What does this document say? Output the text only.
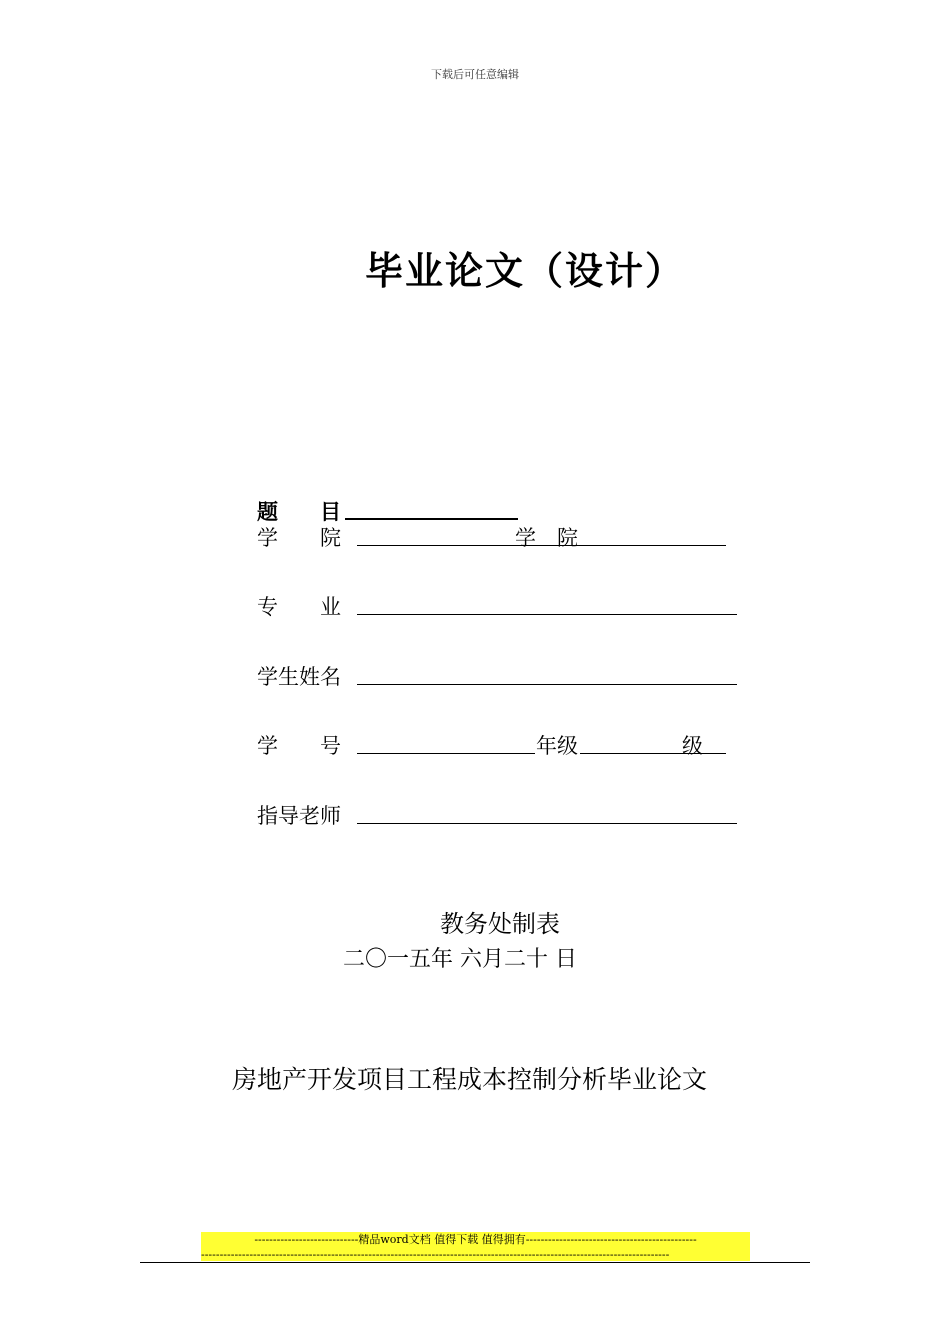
下载后可任意编辑
毕业论文（设计）
题　　目
学　　院	学　院
专　　业
学生姓名
学　　号	年级	级
指导老师
教务处制表
二〇一五年 六月二十 日
房地产开发项目工程成本控制分析毕业论文
----------------------------精品word文档 值得下载 值得拥有----------------------------------------------
------------------------------------------------------------------------------------------------------------------------------
